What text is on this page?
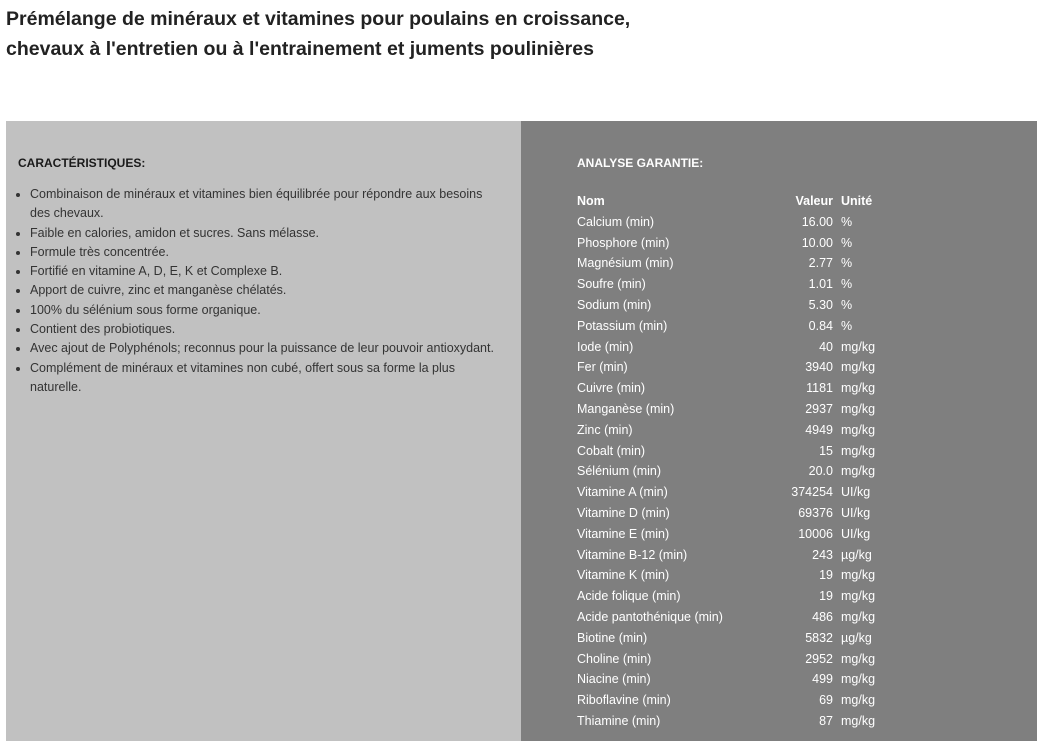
Prémélange de minéraux et vitamines pour poulains en croissance,
chevaux à l'entretien ou à l'entrainement et juments poulinières
CARACTÉRISTIQUES:
• Combinaison de minéraux et vitamines bien équilibrée pour répondre aux besoins des chevaux.
• Faible en calories, amidon et sucres. Sans mélasse.
• Formule très concentrée.
• Fortifié en vitamine A, D, E, K et Complexe B.
• Apport de cuivre, zinc et manganèse chélatés.
• 100% du sélénium sous forme organique.
• Contient des probiotiques.
• Avec ajout de Polyphénols; reconnus pour la puissance de leur pouvoir antioxydant.
• Complément de minéraux et vitamines non cubé, offert sous sa forme la plus naturelle.
ANALYSE GARANTIE:
Nom	Valeur	Unité
Calcium (min)	16.00	%
Phosphore (min)	10.00	%
Magnésium (min)	2.77	%
Soufre (min)	1.01	%
Sodium (min)	5.30	%
Potassium (min)	0.84	%
Iode (min)	40	mg/kg
Fer (min)	3940	mg/kg
Cuivre (min)	1181	mg/kg
Manganèse (min)	2937	mg/kg
Zinc (min)	4949	mg/kg
Cobalt (min)	15	mg/kg
Sélénium (min)	20.0	mg/kg
Vitamine A (min)	374254	UI/kg
Vitamine D (min)	69376	UI/kg
Vitamine E (min)	10006	UI/kg
Vitamine B-12 (min)	243	µg/kg
Vitamine K (min)	19	mg/kg
Acide folique (min)	19	mg/kg
Acide pantothénique (min)	486	mg/kg
Biotine (min)	5832	µg/kg
Choline (min)	2952	mg/kg
Niacine (min)	499	mg/kg
Riboflavine (min)	69	mg/kg
Thiamine (min)	87	mg/kg
